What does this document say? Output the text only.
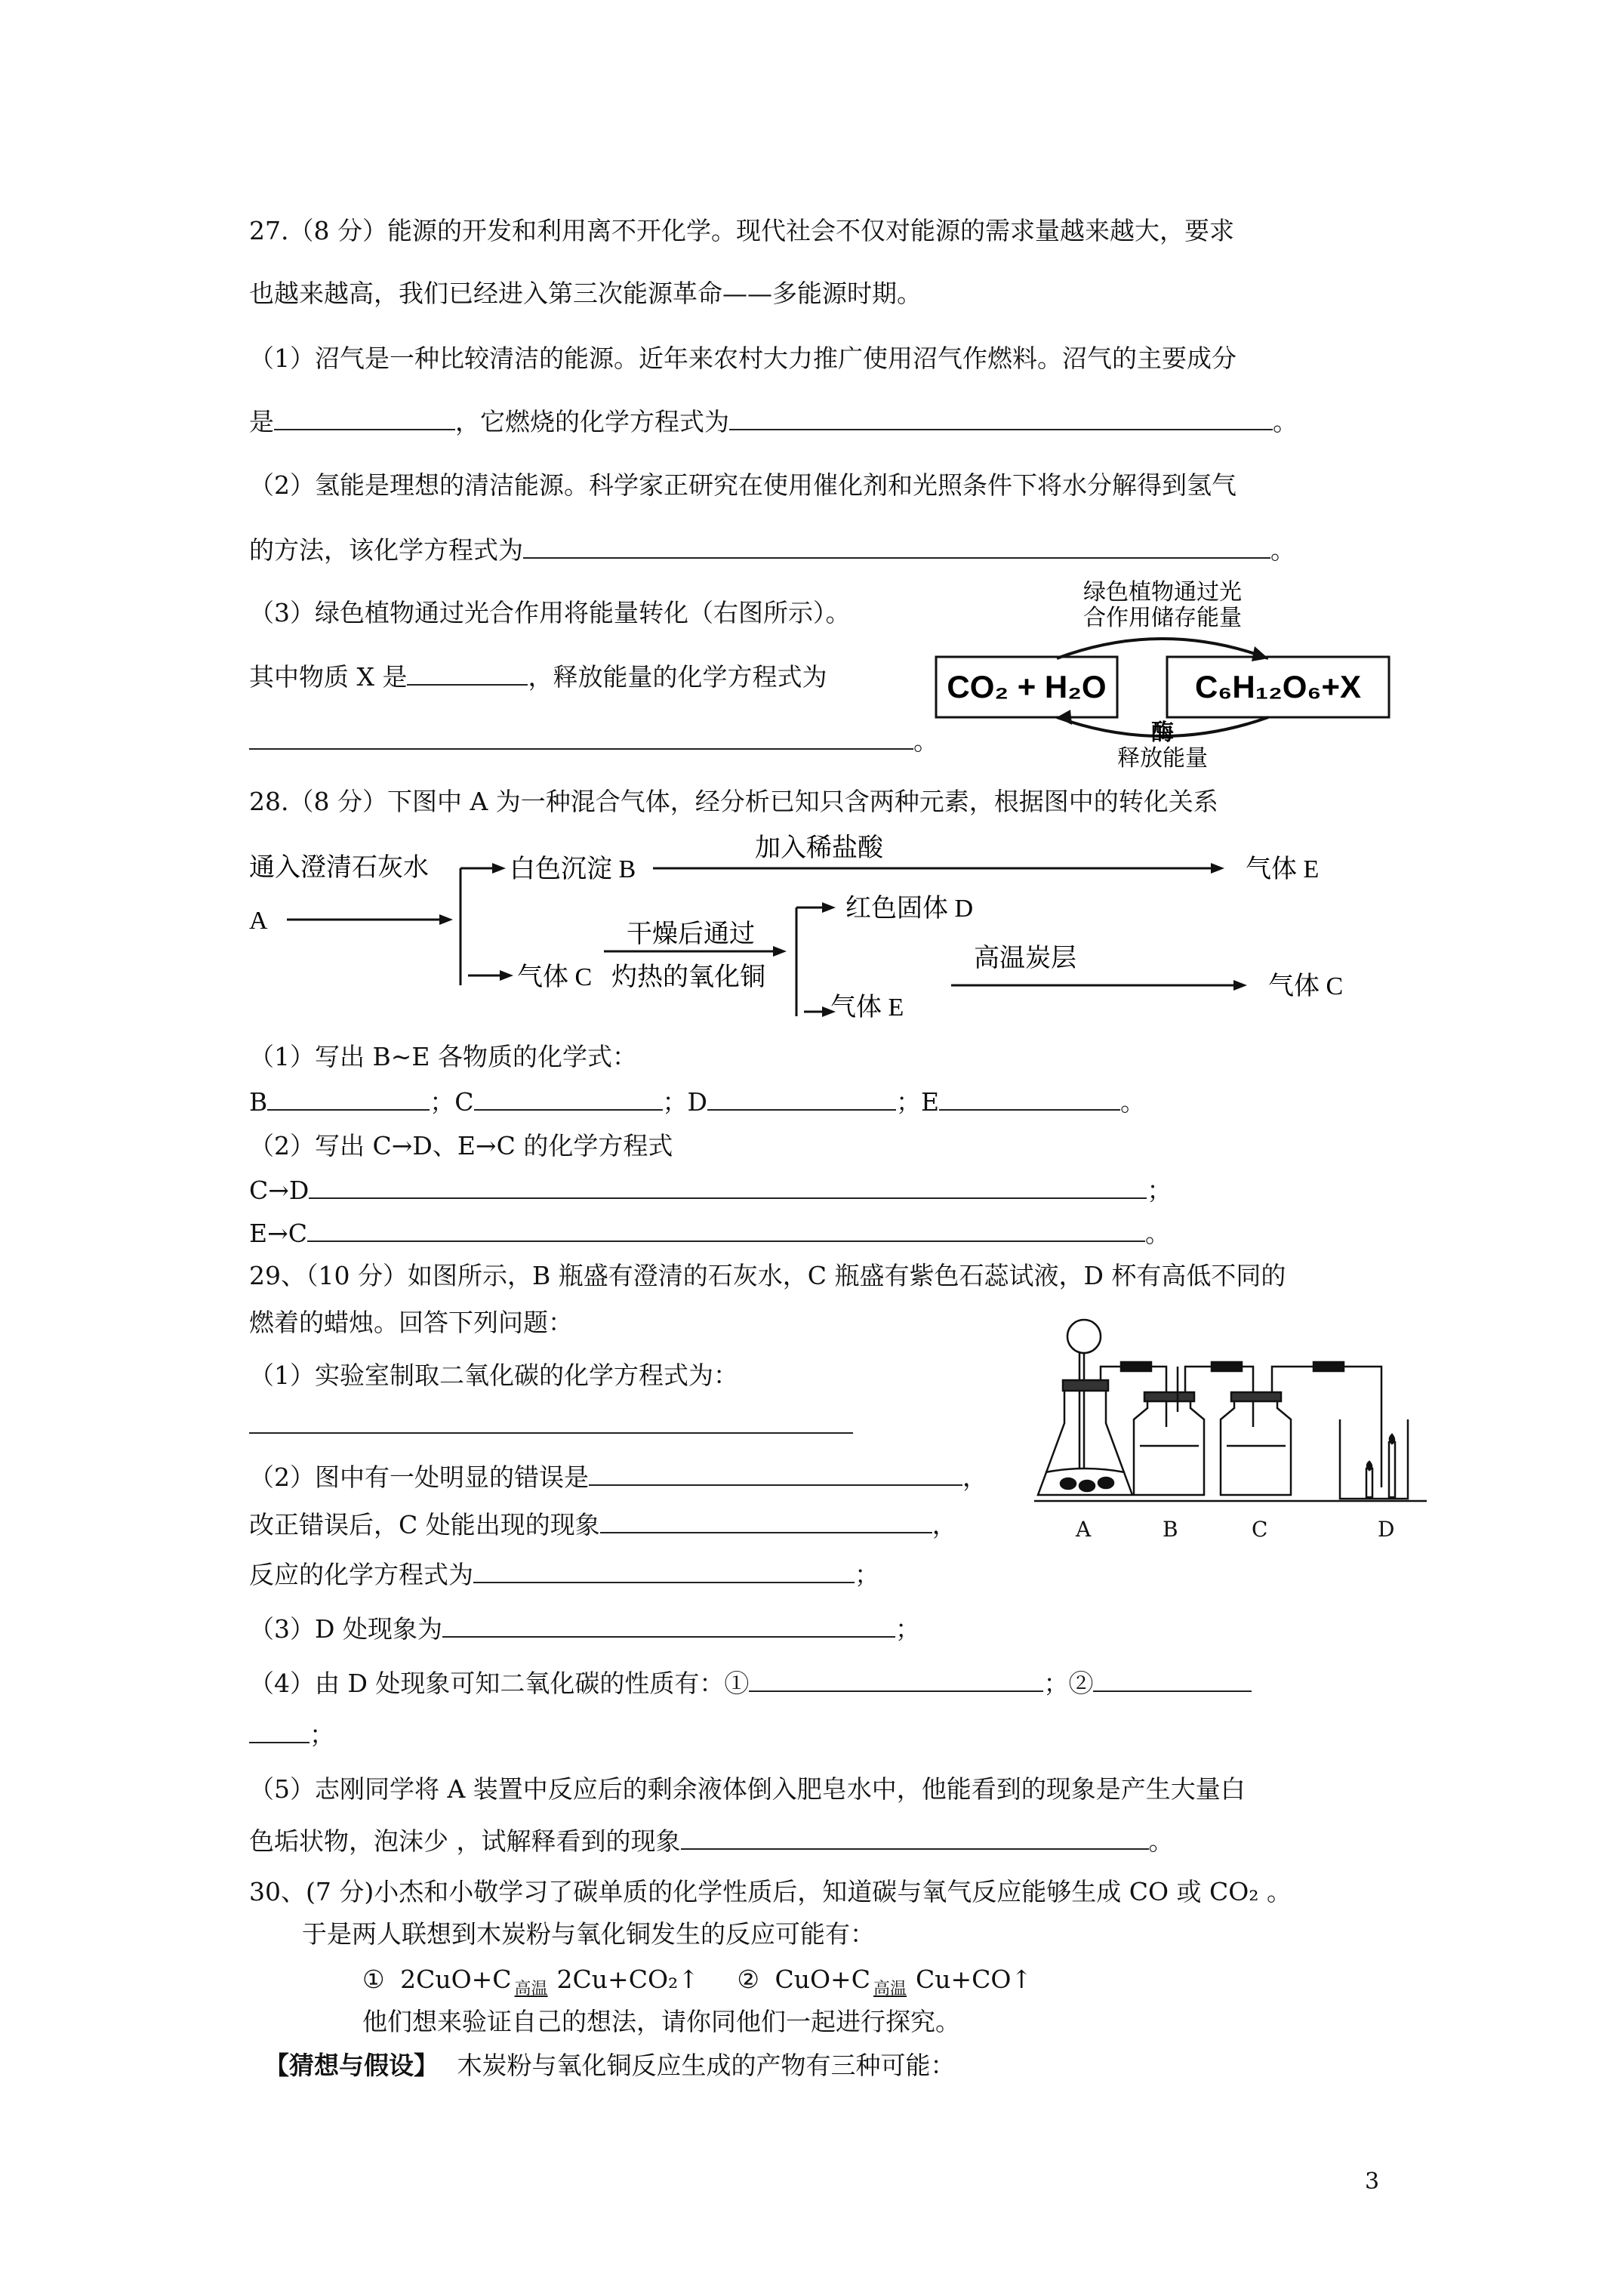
27.（8 分）能源的开发和利用离不开化学。现代社会不仅对能源的需求量越来越大，要求
也越来越高，我们已经进入第三次能源革命——多能源时期。
（1）沼气是一种比较清洁的能源。近年来农村大力推广使用沼气作燃料。沼气的主要成分
是	，它燃烧的化学方程式为	。
（2）氢能是理想的清洁能源。科学家正研究在使用催化剂和光照条件下将水分解得到氢气
的方法，该化学方程式为	。
（3）绿色植物通过光合作用将能量转化（右图所示）。
其中物质 X 是	，释放能量的化学方程式为
。
绿色植物通过光
合作用储存能量
CO₂ + H₂O	C₆H₁₂O₆+X
酶
释放能量
28.（8 分）下图中 A 为一种混合气体，经分析已知只含两种元素，根据图中的转化关系
通入澄清石灰水
A
白色沉淀 B
加入稀盐酸
气体 E
气体 C
干燥后通过
灼热的氧化铜
红色固体 D
气体 E
高温炭层
气体 C
（1）写出 B~E 各物质的化学式：
B	；C	；D	；E	。
（2）写出 C→D、E→C 的化学方程式
C→D	；
E→C	。
29、（10 分）如图所示，B 瓶盛有澄清的石灰水，C 瓶盛有紫色石蕊试液，D 杯有高低不同的
燃着的蜡烛。回答下列问题：
（1）实验室制取二氧化碳的化学方程式为：
（2）图中有一处明显的错误是	，
改正错误后，C 处能出现的现象	，
反应的化学方程式为	；
（3）D 处现象为	；
（4）由 D 处现象可知二氧化碳的性质有：①	；②
；
（5）志刚同学将 A 装置中反应后的剩余液体倒入肥皂水中，他能看到的现象是产生大量白
色垢状物，泡沫少 ，试解释看到的现象	。
A	B	C	D
30、(7 分)小杰和小敬学习了碳单质的化学性质后，知道碳与氧气反应能够生成 CO 或 CO₂ 。
于是两人联想到木炭粉与氧化铜发生的反应可能有：
① 2CuO+C 高温 2Cu+CO₂↑ ② CuO+C 高温 Cu+CO↑
他们想来验证自己的想法，请你同他们一起进行探究。
【猜想与假设】 木炭粉与氧化铜反应生成的产物有三种可能：
3
